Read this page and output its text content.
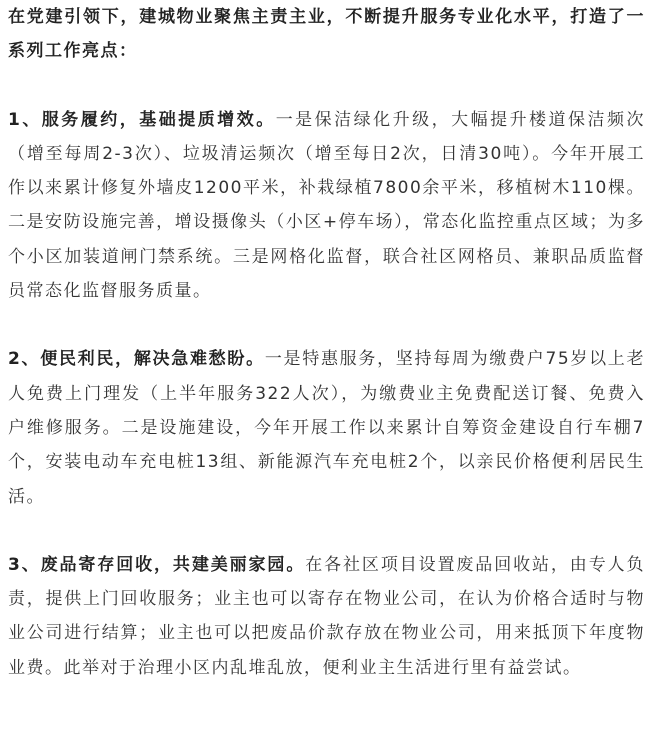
在党建引领下，建城物业聚焦主责主业，不断提升服务专业化水平，打造了一系列工作亮点：

1、服务履约，基础提质增效。一是保洁绿化升级，大幅提升楼道保洁频次（增至每周2-3次）、垃圾清运频次（增至每日2次，日清30吨）。今年开展工作以来累计修复外墙皮1200平米，补栽绿植7800余平米，移植树木110棵。二是安防设施完善，增设摄像头（小区+停车场），常态化监控重点区域；为多个小区加装道闸门禁系统。三是网格化监督，联合社区网格员、兼职品质监督员常态化监督服务质量。

2、便民利民，解决急难愁盼。一是特惠服务，坚持每周为缴费户75岁以上老人免费上门理发（上半年服务322人次），为缴费业主免费配送订餐、免费入户维修服务。二是设施建设，今年开展工作以来累计自筹资金建设自行车棚7个，安装电动车充电桩13组、新能源汽车充电桩2个，以亲民价格便利居民生活。

3、废品寄存回收，共建美丽家园。在各社区项目设置废品回收站，由专人负责，提供上门回收服务；业主也可以寄存在物业公司，在认为价格合适时与物业公司进行结算；业主也可以把废品价款存放在物业公司，用来抵顶下年度物业费。此举对于治理小区内乱堆乱放，便利业主生活进行里有益尝试。
